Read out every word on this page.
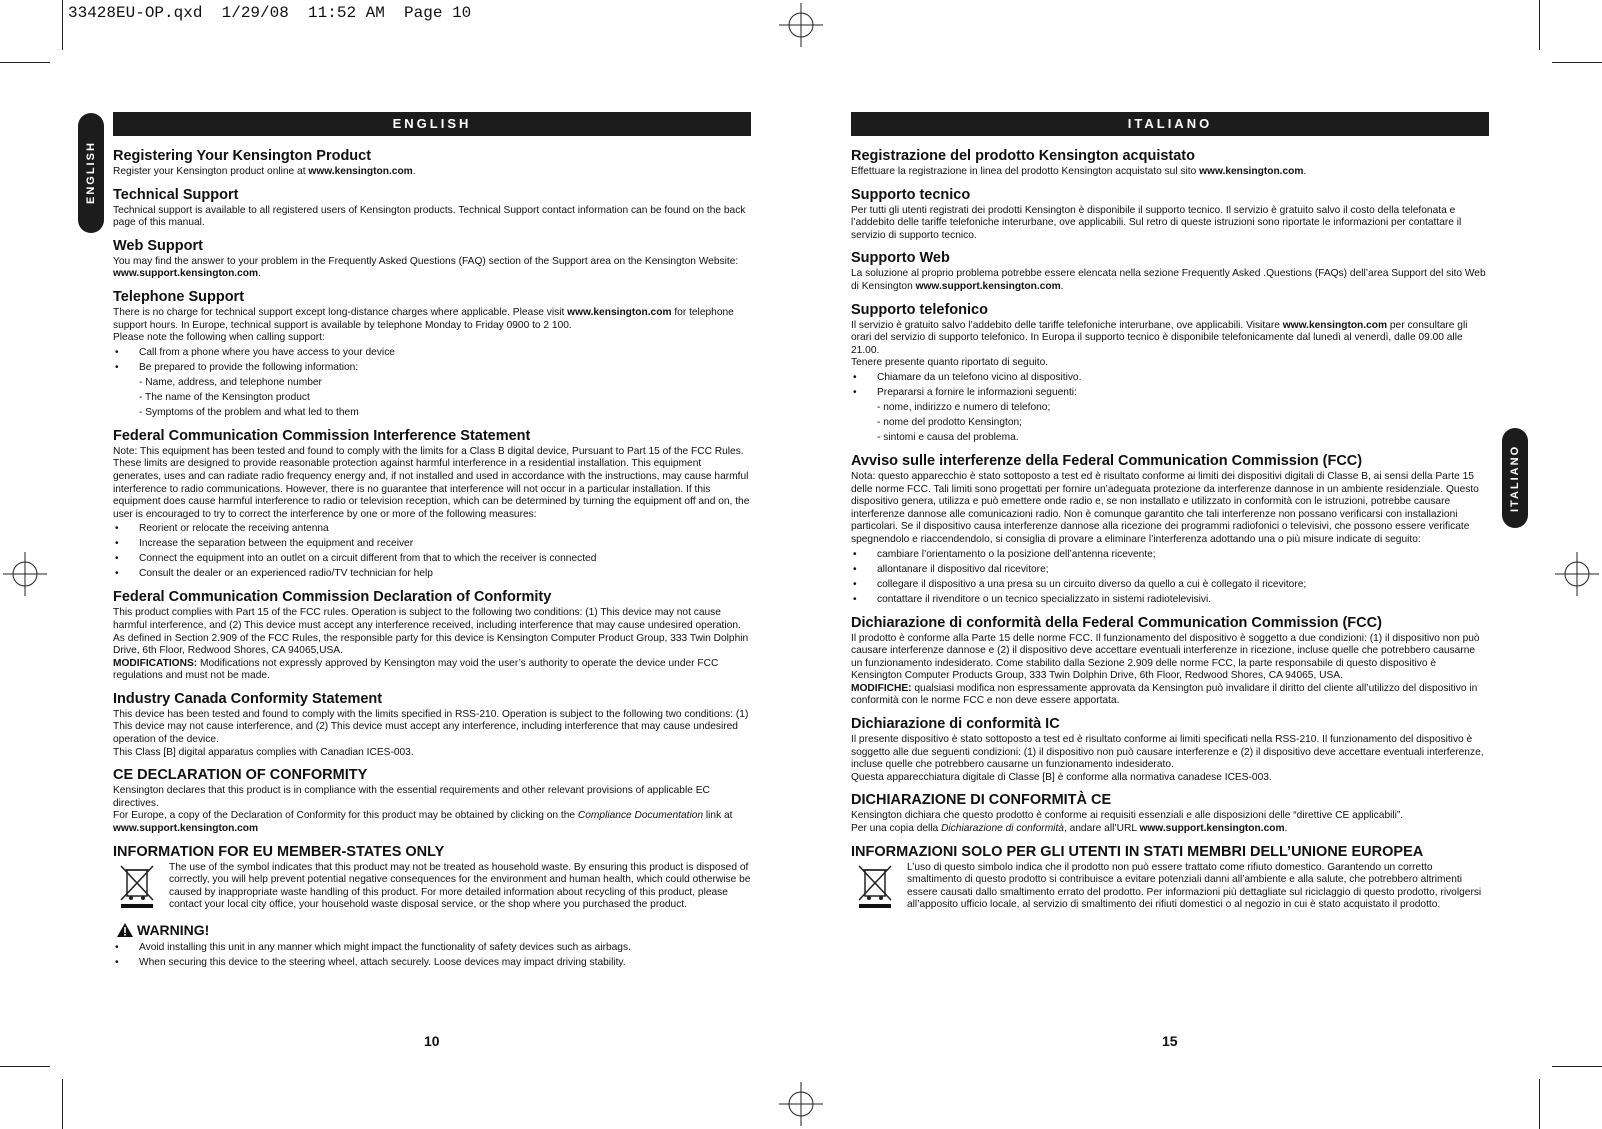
33428EU-OP.qxd  1/29/08  11:52 AM  Page 10
ENGLISH
ITALIANO
ENGLISH
Registering Your Kensington Product

Register your Kensington product online at www.kensington.com.

Technical Support

Technical support is available to all registered users of Kensington products. Technical Support contact information can be found on the back page of this manual.

Web Support

You may find the answer to your problem in the Frequently Asked Questions (FAQ) section of the Support area on the Kensington Website: www.support.kensington.com.

Telephone Support

There is no charge for technical support except long-distance charges where applicable. Please visit www.kensington.com for telephone support hours. In Europe, technical support is available by telephone Monday to Friday 0900 to 2 100.

Please note the following when calling support:

• Call from a phone where you have access to your device
• Be prepared to provide the following information:
- Name, address, and telephone number
- The name of the Kensington product
- Symptoms of the problem and what led to them
Federal Communication Commission Interference Statement

Note: This equipment has been tested and found to comply with the limits for a Class B digital device, Pursuant to Part 15 of the FCC Rules. These limits are designed to provide reasonable protection against harmful interference in a residential installation. This equipment generates, uses and can radiate radio frequency energy and, if not installed and used in accordance with the instructions, may cause harmful interference to radio communications. However, there is no guarantee that interference will not occur in a particular installation. If this equipment does cause harmful interference to radio or television reception, which can be determined by turning the equipment off and on, the user is encouraged to try to correct the interference by one or more of the following measures:

• Reorient or relocate the receiving antenna
• Increase the separation between the equipment and receiver
• Connect the equipment into an outlet on a circuit different from that to which the receiver is connected
• Consult the dealer or an experienced radio/TV technician for help
Federal Communication Commission Declaration of Conformity

This product complies with Part 15 of the FCC rules. Operation is subject to the following two conditions: (1) This device may not cause harmful interference, and (2) This device must accept any interference received, including interference that may cause undesired operation. As defined in Section 2.909 of the FCC Rules, the responsible party for this device is Kensington Computer Product Group, 333 Twin Dolphin Drive, 6th Floor, Redwood Shores, CA 94065,USA.

MODIFICATIONS: Modifications not expressly approved by Kensington may void the user’s authority to operate the device under FCC regulations and must not be made.

Industry Canada Conformity Statement

This device has been tested and found to comply with the limits specified in RSS-210. Operation is subject to the following two conditions: (1) This device may not cause interference, and (2) This device must accept any interference, including interference that may cause undesired operation of the device.

This Class [B] digital apparatus complies with Canadian ICES-003.

CE DECLARATION OF CONFORMITY

Kensington declares that this product is in compliance with the essential requirements and other relevant provisions of applicable EC directives.

For Europe, a copy of the Declaration of Conformity for this product may be obtained by clicking on the Compliance Documentation link at www.support.kensington.com

INFORMATION FOR EU MEMBER-STATES ONLY

The use of the symbol indicates that this product may not be treated as household waste. By ensuring this product is disposed of correctly, you will help prevent potential negative consequences for the environment and human health, which could otherwise be caused by inappropriate waste handling of this product. For more detailed information about recycling of this product, please contact your local city office, your household waste disposal service, or the shop where you purchased the product.

WARNING!
• Avoid installing this unit in any manner which might impact the functionality of safety devices such as airbags.
• When securing this device to the steering wheel, attach securely. Loose devices may impact driving stability.
ITALIANO
Registrazione del prodotto Kensington acquistato

Effettuare la registrazione in linea del prodotto Kensington acquistato sul sito www.kensington.com.

Supporto tecnico

Per tutti gli utenti registrati dei prodotti Kensington è disponibile il supporto tecnico. Il servizio è gratuito salvo il costo della telefonata e l’addebito delle tariffe telefoniche interurbane, ove applicabili. Sul retro di queste istruzioni sono riportate le informazioni per contattare il servizio di supporto tecnico.

Supporto Web

La soluzione al proprio problema potrebbe essere elencata nella sezione Frequently Asked .Questions (FAQs) dell’area Support del sito Web di Kensington www.support.kensington.com.

Supporto telefonico

Il servizio è gratuito salvo l’addebito delle tariffe telefoniche interurbane, ove applicabili. Visitare www.kensington.com per consultare gli orari del servizio di supporto telefonico. In Europa il supporto tecnico è disponibile telefonicamente dal lunedì al venerdì, dalle 09.00 alle 21.00.

Tenere presente quanto riportato di seguito.

• Chiamare da un telefono vicino al dispositivo.
• Prepararsi a fornire le informazioni seguenti:
- nome, indirizzo e numero di telefono;
- nome del prodotto Kensington;
- sintomi e causa del problema.
Avviso sulle interferenze della Federal Communication Commission (FCC)

Nota: questo apparecchio è stato sottoposto a test ed è risultato conforme ai limiti dei dispositivi digitali di Classe B, ai sensi della Parte 15 delle norme FCC. Tali limiti sono progettati per fornire un’adeguata protezione da interferenze dannose in un ambiente residenziale. Questo dispositivo genera, utilizza e può emettere onde radio e, se non installato e utilizzato in conformità con le istruzioni, potrebbe causare interferenze dannose alle comunicazioni radio. Non è comunque garantito che tali interferenze non possano verificarsi con installazioni particolari. Se il dispositivo causa interferenze dannose alla ricezione dei programmi radiofonici o televisivi, che possono essere verificate spegnendolo e riaccendendolo, si consiglia di provare a eliminare l’interferenza adottando una o più misure indicate di seguito:

• cambiare l’orientamento o la posizione dell’antenna ricevente;
• allontanare il dispositivo dal ricevitore;
• collegare il dispositivo a una presa su un circuito diverso da quello a cui è collegato il ricevitore;
• contattare il rivenditore o un tecnico specializzato in sistemi radiotelevisivi.
Dichiarazione di conformità della Federal Communication Commission (FCC)

Il prodotto è conforme alla Parte 15 delle norme FCC. Il funzionamento del dispositivo è soggetto a due condizioni: (1) il dispositivo non può causare interferenze dannose e (2) il dispositivo deve accettare eventuali interferenze in ricezione, incluse quelle che potrebbero causarne un funzionamento indesiderato. Come stabilito dalla Sezione 2.909 delle norme FCC, la parte responsabile di questo dispositivo è Kensington Computer Products Group, 333 Twin Dolphin Drive, 6th Floor, Redwood Shores, CA 94065, USA.

MODIFICHE: qualsiasi modifica non espressamente approvata da Kensington può invalidare il diritto del cliente all’utilizzo del dispositivo in conformità con le norme FCC e non deve essere apportata.

Dichiarazione di conformità IC

Il presente dispositivo è stato sottoposto a test ed è risultato conforme ai limiti specificati nella RSS-210. Il funzionamento del dispositivo è soggetto alle due seguenti condizioni: (1) il dispositivo non può causare interferenze e (2) il dispositivo deve accettare eventuali interferenze, incluse quelle che potrebbero causarne un funzionamento indesiderato.

Questa apparecchiatura digitale di Classe [B] è conforme alla normativa canadese ICES-003.

DICHIARAZIONE DI CONFORMITÀ CE

Kensington dichiara che questo prodotto è conforme ai requisiti essenziali e alle disposizioni delle “direttive CE applicabili”.

Per una copia della Dichiarazione di conformità, andare all’URL www.support.kensington.com.

INFORMAZIONI SOLO PER GLI UTENTI IN STATI MEMBRI DELL’UNIONE EUROPEA

L’uso di questo simbolo indica che il prodotto non può essere trattato come rifiuto domestico. Garantendo un corretto smaltimento di questo prodotto si contribuisce a evitare potenziali danni all’ambiente e alla salute, che potrebbero altrimenti essere causati dallo smaltimento errato del prodotto. Per informazioni più dettagliate sul riciclaggio di questo prodotto, rivolgersi all’apposito ufficio locale, al servizio di smaltimento dei rifiuti domestici o al negozio in cui è stato acquistato il prodotto.

10	15
